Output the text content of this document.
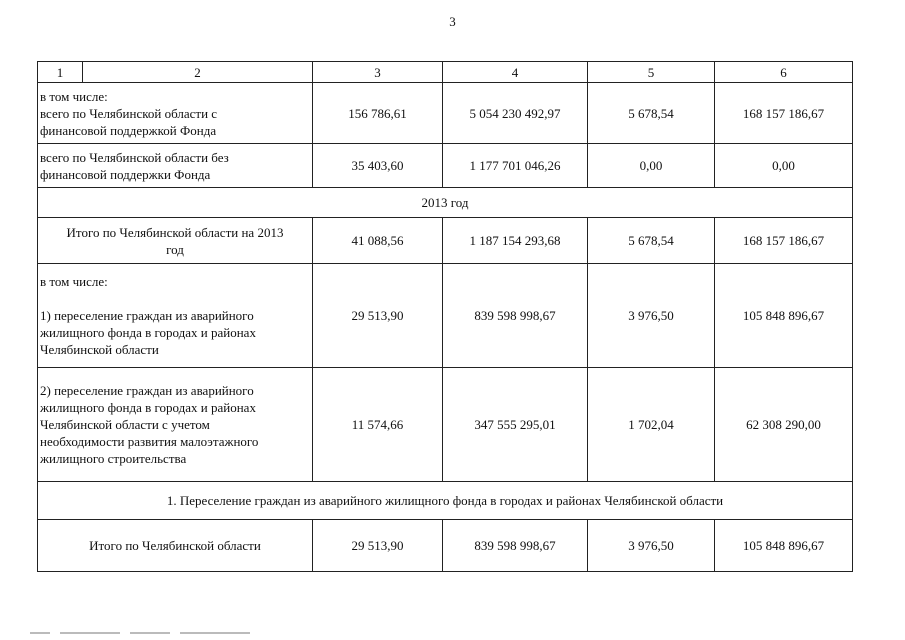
3
1	2	3	4	5	6
в том числе:
всего по Челябинской области с
финансовой поддержкой Фонда		156 786,61	5 054 230 492,97	5 678,54	168 157 186,67
всего по Челябинской области без
финансовой поддержки Фонда		35 403,60	1 177 701 046,26	0,00	0,00
2013 год					
Итого по Челябинской области на 2013
год		41 088,56	1 187 154 293,68	5 678,54	168 157 186,67
в том числе:

1) переселение граждан из аварийного
жилищного фонда в городах и районах
Челябинской области		29 513,90	839 598 998,67	3 976,50	105 848 896,67
2) переселение граждан из аварийного
жилищного фонда в городах и районах
Челябинской области с учетом
необходимости развития малоэтажного
жилищного строительства		11 574,66	347 555 295,01	1 702,04	62 308 290,00
1. Переселение граждан из аварийного жилищного фонда в городах и районах Челябинской области					
Итого по Челябинской области		29 513,90	839 598 998,67	3 976,50	105 848 896,67
